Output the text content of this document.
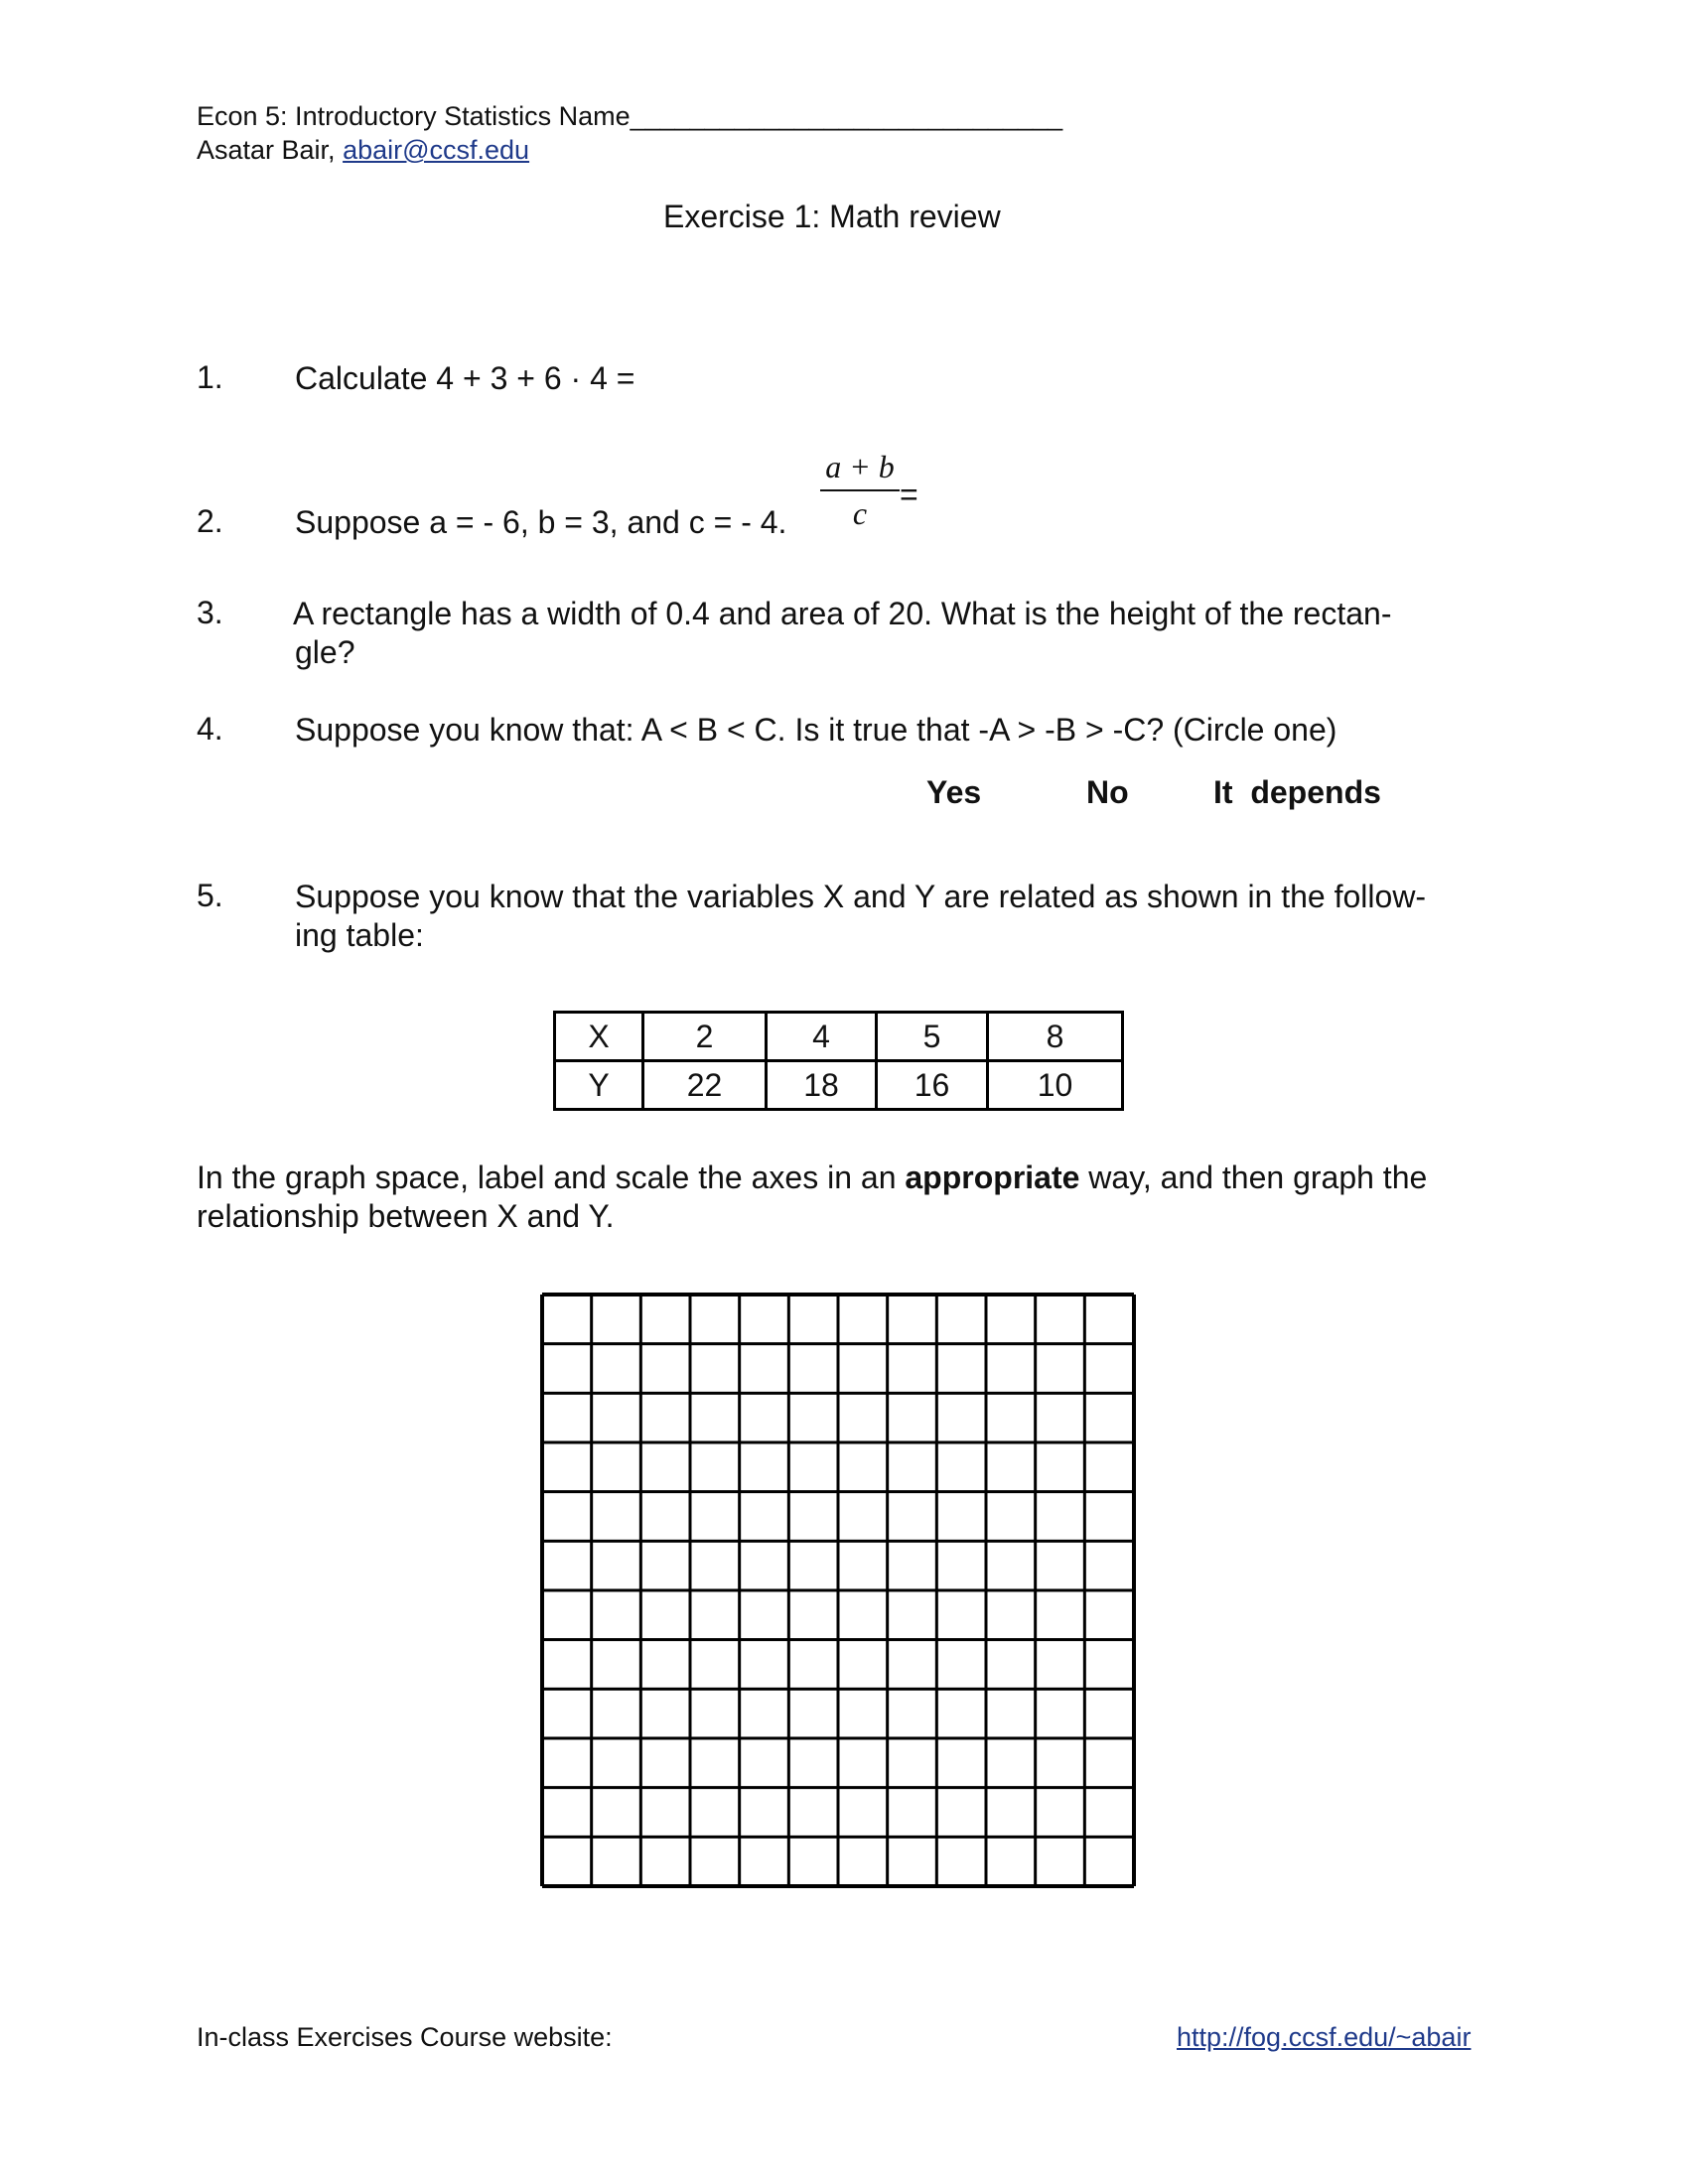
Econ 5: Introductory Statistics Name_____________________________
Asatar Bair, abair@ccsf.edu
Exercise 1: Math review
1. Calculate 4 + 3 + 6 · 4 =
2. Suppose a = - 6, b = 3, and c = - 4.
a + b
c
=
3. A rectangle has a width of 0.4 and area of 20. What is the height of the rectan-
gle?
4. Suppose you know that: A < B < C. Is it true that -A > -B > -C? (Circle one)
Yes	No	It  depends
5. Suppose you know that the variables X and Y are related as shown in the follow-
ing table:
X	2	4	5	8
Y	22	18	16	10
In the graph space, label and scale the axes in an appropriate way, and then graph the
relationship between X and Y.
In-class Exercises Course website:	http://fog.ccsf.edu/~abair
